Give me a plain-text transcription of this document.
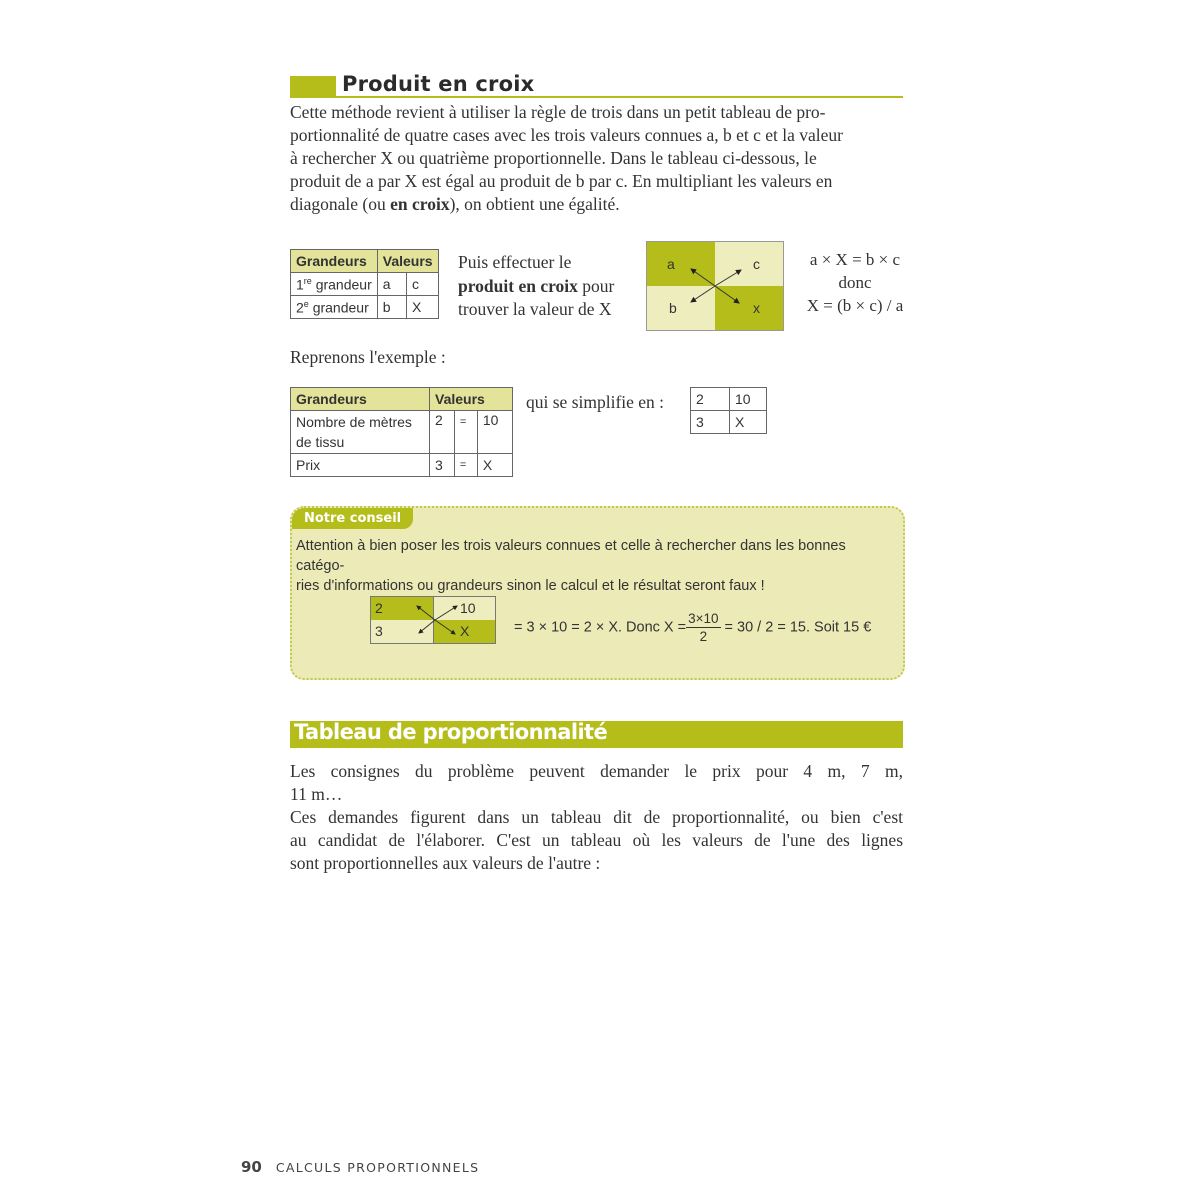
Produit en croix
Cette méthode revient à utiliser la règle de trois dans un petit tableau de pro-
portionnalité de quatre cases avec les trois valeurs connues a, b et c et la valeur
à rechercher X ou quatrième proportionnelle. Dans le tableau ci-dessous, le
produit de a par X est égal au produit de b par c. En multipliant les valeurs en
diagonale (ou en croix), on obtient une égalité.
Grandeurs	Valeurs	
1re grandeur	a	c
2e grandeur	b	X
Puis effectuer le
produit en croix pour
trouver la valeur de X
a	c
b	x
a × X = b × c
donc
X = (b × c) / a
Reprenons l'exemple :
Grandeurs	Valeurs		
Nombre de mètres de tissu	2	=	10
Prix	3	=	X
qui se simplifie en : 2	10
3	X
Notre conseil
Attention à bien poser les trois valeurs connues et celle à rechercher dans les bonnes catégo-
ries d'informations ou grandeurs sinon le calcul et le résultat seront faux !
2	10
3	X	= 3 × 10 = 2 × X. Donc $X = \frac{3\times 10}{2} = 30 / 2 = 15$. Soit 15 €
Tableau de proportionnalité
Les consignes du problème peuvent demander le prix pour 4 m, 7 m,
11 m…
Ces demandes figurent dans un tableau dit de proportionnalité, ou bien c'est
au candidat de l'élaborer. C'est un tableau où les valeurs de l'une des lignes
sont proportionnelles aux valeurs de l'autre :
90 CALCULS PROPORTIONNELS
